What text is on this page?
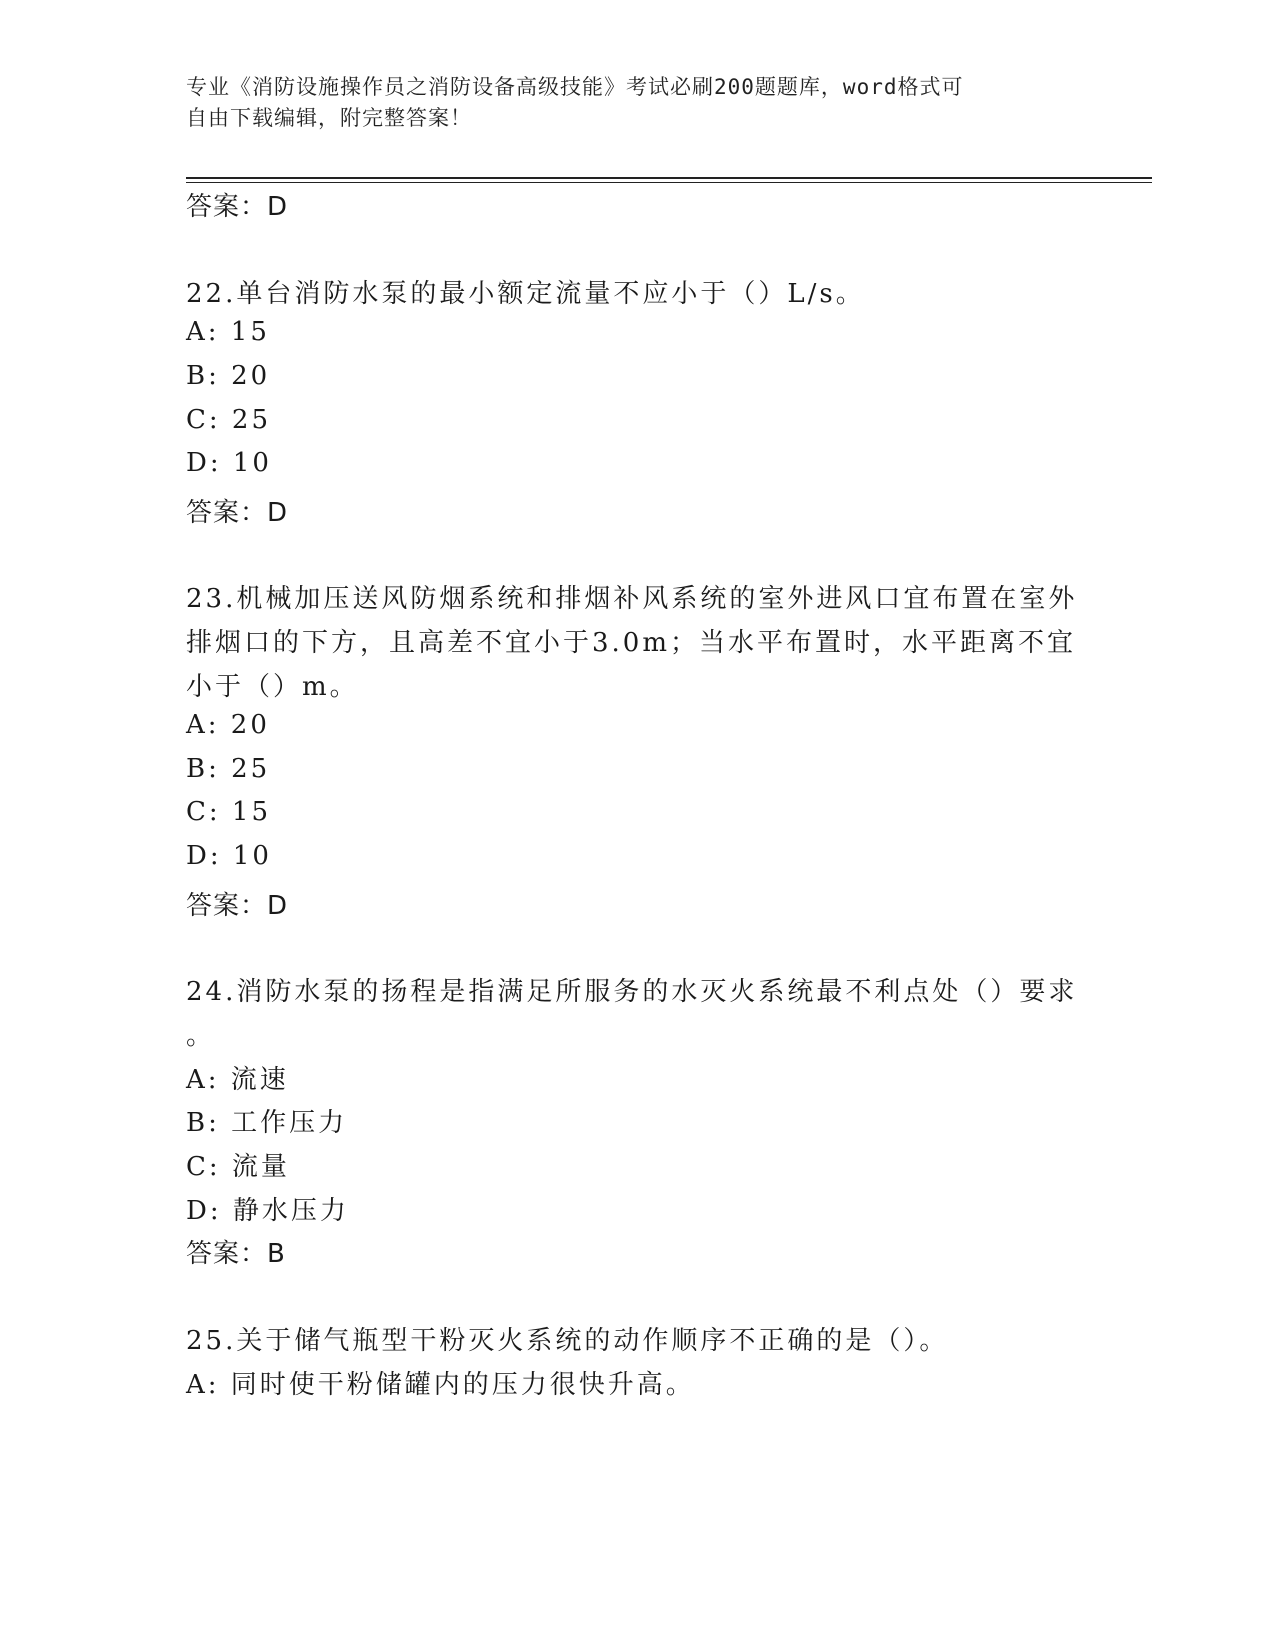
专业《消防设施操作员之消防设备高级技能》考试必刷200题题库，word格式可
自由下载编辑，附完整答案！
答案：D
22.单台消防水泵的最小额定流量不应小于（）L/s。
A: 15
B: 20
C: 25
D: 10
答案：D
23.机械加压送风防烟系统和排烟补风系统的室外进风口宜布置在室外
排烟口的下方，且高差不宜小于3.0m；当水平布置时，水平距离不宜
小于（）m。
A: 20
B: 25
C: 15
D: 10
答案：D
24.消防水泵的扬程是指满足所服务的水灭火系统最不利点处（）要求
。
A: 流速
B: 工作压力
C: 流量
D: 静水压力
答案：B
25.关于储气瓶型干粉灭火系统的动作顺序不正确的是（）。
A: 同时使干粉储罐内的压力很快升高。
